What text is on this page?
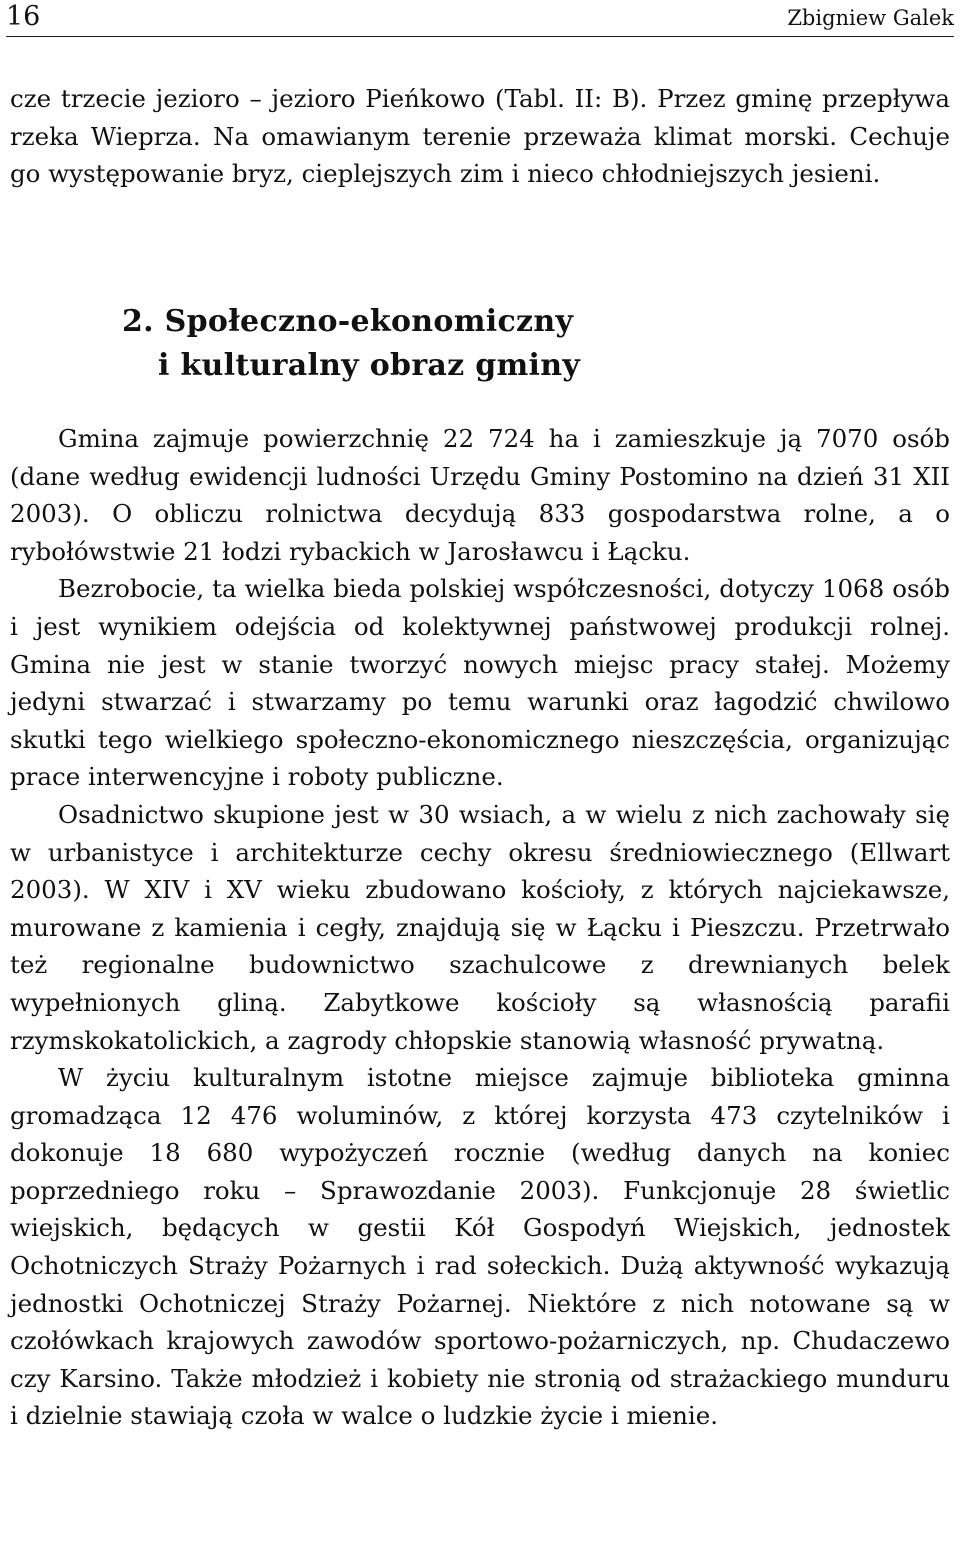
16	Zbigniew Galek

cze trzecie jezioro – jezioro Pieńkowo (Tabl. II: B). Przez gminę przepływa rzeka Wieprza. Na omawianym terenie przeważa klimat morski. Cechuje go występowanie bryz, cieplejszych zim i nieco chłodniejszych jesieni.

2. Społeczno-ekonomiczny
i kulturalny obraz gminy

Gmina zajmuje powierzchnię 22 724 ha i zamieszkuje ją 7070 osób (dane według ewidencji ludności Urzędu Gminy Postomino na dzień 31 XII 2003). O obliczu rolnictwa decydują 833 gospodarstwa rolne, a o rybołówstwie 21 łodzi rybackich w Jarosławcu i Łącku.

Bezrobocie, ta wielka bieda polskiej współczesności, dotyczy 1068 osób i jest wynikiem odejścia od kolektywnej państwowej produkcji rolnej. Gmina nie jest w stanie tworzyć nowych miejsc pracy stałej. Możemy jedyni stwarzać i stwarzamy po temu warunki oraz łagodzić chwilowo skutki tego wielkiego społeczno-ekonomicznego nieszczęścia, organizując prace interwencyjne i roboty publiczne.

Osadnictwo skupione jest w 30 wsiach, a w wielu z nich zachowały się w urbanistyce i architekturze cechy okresu średniowiecznego (Ellwart 2003). W XIV i XV wieku zbudowano kościoły, z których najciekawsze, murowane z kamienia i cegły, znajdują się w Łącku i Pieszczu. Przetrwało też regionalne budownictwo szachulcowe z drewnianych belek wypełnionych gliną. Zabytkowe kościoły są własnością parafii rzymskokatolickich, a zagrody chłopskie stanowią własność prywatną.

W życiu kulturalnym istotne miejsce zajmuje biblioteka gminna gromadząca 12 476 woluminów, z której korzysta 473 czytelników i dokonuje 18 680 wypożyczeń rocznie (według danych na koniec poprzedniego roku – Sprawozdanie 2003). Funkcjonuje 28 świetlic wiejskich, będących w gestii Kół Gospodyń Wiejskich, jednostek Ochotniczych Straży Pożarnych i rad sołeckich. Dużą aktywność wykazują jednostki Ochotniczej Straży Pożarnej. Niektóre z nich notowane są w czołówkach krajowych zawodów sportowo-pożarniczych, np. Chudaczewo czy Karsino. Także młodzież i kobiety nie stronią od strażackiego munduru i dzielnie stawiają czoła w walce o ludzkie życie i mienie.
